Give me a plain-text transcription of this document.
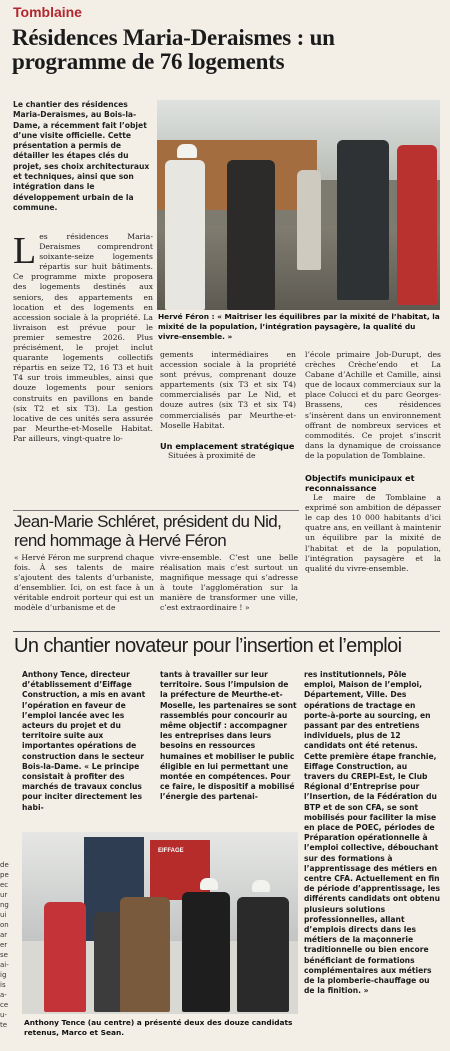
Tomblaine
Résidences Maria-Deraismes : un programme de 76 logements
Le chantier des résidences Maria-Deraismes, au Bois-la-Dame, a récemment fait l’objet d’une visite officielle. Cette présentation a permis de détailler les étapes clés du projet, ses choix architecturaux et techniques, ainsi que son intégration dans le développement urbain de la commune.
Hervé Féron : « Maîtriser les équilibres par la mixité de l’habitat, la mixité de la population, l’intégration paysagère, la qualité du vivre-ensemble. »
Les résidences Maria-Deraismes comprendront soixante-seize logements répartis sur huit bâtiments. Ce programme mixte proposera des logements destinés aux seniors, des appartements en location et des logements en accession sociale à la propriété. La livraison est prévue pour le premier semestre 2026. Plus précisément, le projet inclut quarante logements collectifs répartis en seize T2, 16 T3 et huit T4 sur trois immeubles, ainsi que douze logements pour seniors construits en pavillons en bande (six T2 et six T3). La gestion locative de ces unités sera assurée par Meurthe-et-Moselle Habitat. Par ailleurs, vingt-quatre lo-
gements intermédiaires en accession sociale à la propriété sont prévus, comprenant douze appartements (six T3 et six T4) commercialisés par Le Nid, et douze autres (six T3 et six T4) commercialisés par Meurthe-et-Moselle Habitat.
Un emplacement stratégique
Situées à proximité de
l’école primaire Job-Durupt, des crèches Crèche’endo et La Cabane d’Achille et Camille, ainsi que de locaux commerciaux sur la place Colucci et du parc Georges-Brassens, ces résidences s’insèrent dans un environnement offrant de nombreux services et commodités. Ce projet s’inscrit dans la dynamique de croissance de la population de Tomblaine.
Objectifs municipaux et reconnaissance
Le maire de Tomblaine a exprimé son ambition de dépasser le cap des 10 000 habitants d’ici quatre ans, en veillant à maintenir un équilibre par la mixité de l’habitat et de la population, l’intégration paysagère et la qualité du vivre-ensemble.
Jean-Marie Schléret, président du Nid, rend hommage à Hervé Féron
« Hervé Féron me surprend chaque fois. À ses talents de maire s’ajoutent des talents d’urbaniste, d’ensemblier. Ici, on est face à un véritable endroit porteur qui est un modèle d’urbanisme et de
vivre-ensemble. C’est une belle réalisation mais c’est surtout un magnifique message qui s’adresse à toute l’agglomération sur la manière de transformer une ville, c’est extraordinaire ! »
Un chantier novateur pour l’insertion et l’emploi
Anthony Tence, directeur d’établissement d’Eiffage Construction, a mis en avant l’opération en faveur de l’emploi lancée avec les acteurs du projet et du territoire suite aux importantes opérations de construction dans le secteur Bois-la-Dame. « Le principe consistait à profiter des marchés de travaux conclus pour inciter directement les habi-
tants à travailler sur leur territoire. Sous l’impulsion de la préfecture de Meurthe-et-Moselle, les partenaires se sont rassemblés pour concourir au même objectif : accompagner les entreprises dans leurs besoins en ressources humaines et mobiliser le public éligible en lui permettant une montée en compétences. Pour ce faire, le dispositif a mobilisé l’énergie des partenai-
res institutionnels, Pôle emploi, Maison de l’emploi, Département, Ville. Des opérations de tractage en porte-à-porte au sourcing, en passant par des entretiens individuels, plus de 12 candidats ont été retenus. Cette première étape franchie, Eiffage Construction, au travers du CREPI-Est, le Club Régional d’Entreprise pour l’Insertion, de la Fédération du BTP et de son CFA, se sont mobilisés pour faciliter la mise en place de POEC, périodes de Préparation opérationnelle à l’emploi collective, débouchant sur des formations à l’apprentissage des métiers en centre CFA. Actuellement en fin de période d’apprentissage, les différents candidats ont obtenu plusieurs solutions professionnelles, allant d’emplois directs dans les métiers de la maçonnerie traditionnelle ou bien encore bénéficiant de formations complémentaires aux métiers de la plomberie-chauffage ou de la finition. »
EIFFAGE
Anthony Tence (au centre) a présenté deux des douze candidats retenus, Marco et Sean.
de
pe
ec
ur
ng
ui
on
ar
er
se
ai-
ig
is
a-
ce
u-
te
